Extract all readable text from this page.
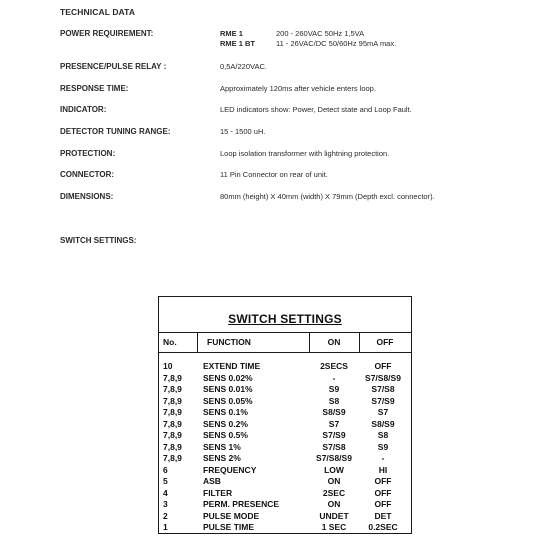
TECHNICAL DATA
POWER REQUIREMENT:	RME 1	200 - 260VAC 50Hz 1,5VA
RME 1 BT	11 - 26VAC/DC 50/60Hz 95mA max.
PRESENCE/PULSE RELAY :	0,5A/220VAC.
RESPONSE TIME:	Approximately 120ms after vehicle enters loop.
INDICATOR:	LED indicators show: Power, Detect state and Loop Fault.
DETECTOR TUNING RANGE:	15 - 1500 uH.
PROTECTION:	Loop isolation transformer with lightning protection.
CONNECTOR:	11 Pin Connector on rear of unit.
DIMENSIONS:	80mm (height) X 40mm (width) X 79mm (Depth excl. connector).
SWITCH SETTINGS:
SWITCH SETTINGS
No.	FUNCTION	ON	OFF
10	EXTEND TIME	2SECS	OFF
7,8,9 SENS 0.02%	-	S7/S8/S9
7,8,9 SENS 0.01%	S9	S7/S8
7,8,9 SENS 0.05%	S8	S7/S9
7,8,9 SENS 0.1%	S8/S9	S7
7,8,9 SENS 0.2%	S7	S8/S9
7,8,9 SENS 0.5%	S7/S9	S8
7,8,9 SENS 1%	S7/S8	S9
7,8,9 SENS 2%	S7/S8/S9	-
6	FREQUENCY	LOW	HI
5	ASB	ON	OFF
4	FILTER	2SEC	OFF
3	PERM. PRESENCE	ON	OFF
2	PULSE MODE	UNDET	DET
1	PULSE TIME	1 SEC	0.2SEC
